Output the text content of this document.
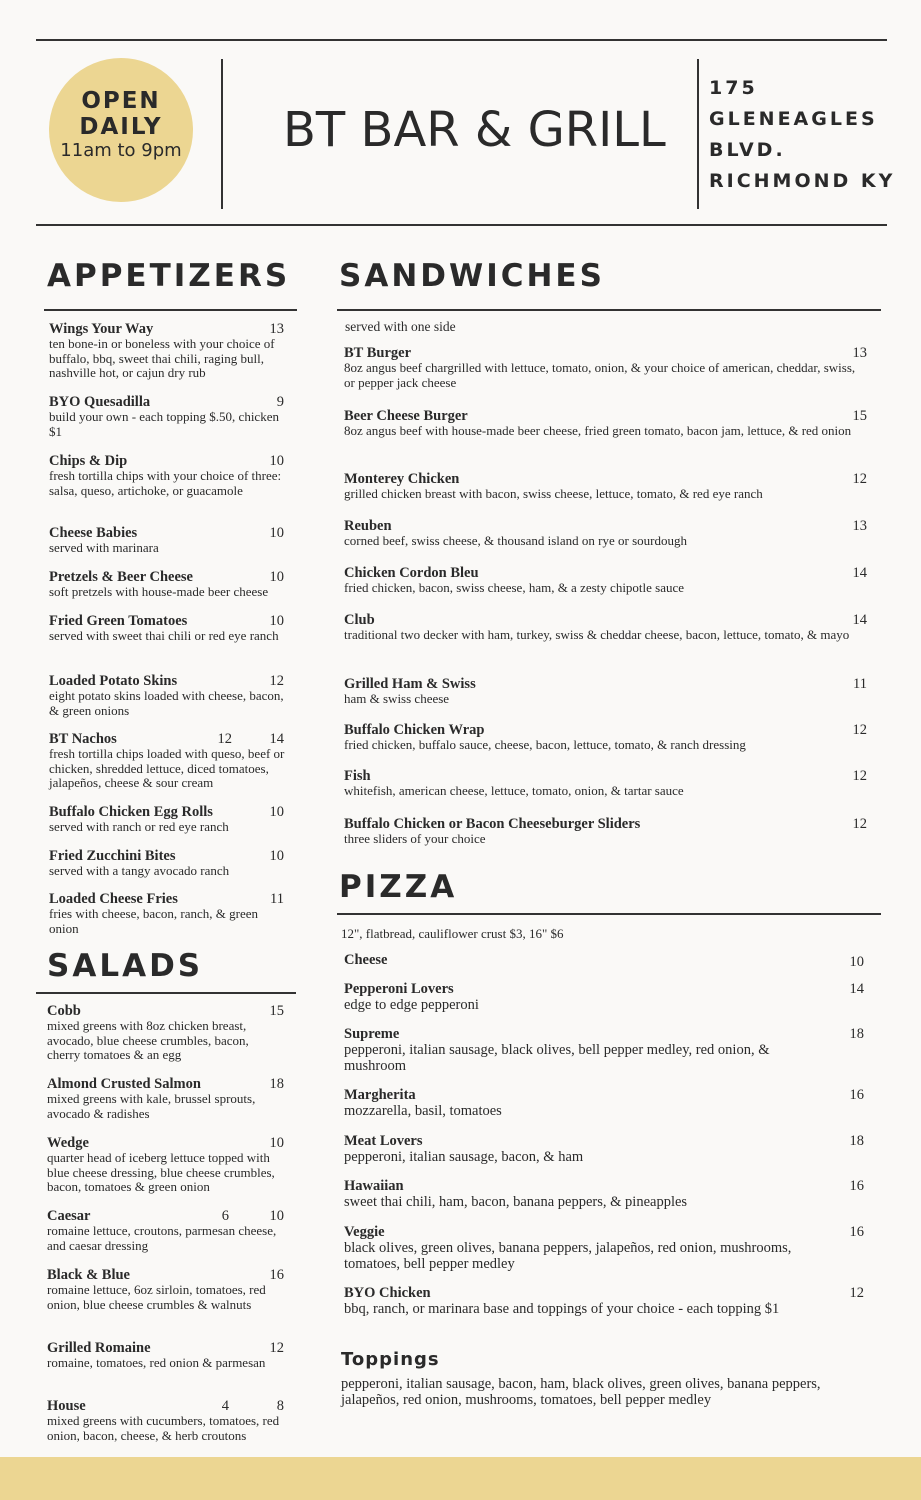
OPEN
DAILY
11am to 9pm BT BAR & GRILL
175
GLENEAGLES
BLVD.
RICHMOND KY
APPETIZERS
SALADS
SANDWICHES
served with one side
PIZZA
12", flatbread, cauliflower crust $3, 16" $6
Wings Your Way	13
ten bone-in or boneless with your choice of buffalo, bbq, sweet thai chili, raging bull, nashville hot, or cajun dry rub
BYO Quesadilla	9
build your own - each topping $.50, chicken $1
Chips & Dip	10
fresh tortilla chips with your choice of three: salsa, queso, artichoke, or guacamole
Cheese Babies	10
served with marinara
Pretzels & Beer Cheese	10
soft pretzels with house-made beer cheese
Fried Green Tomatoes	10
served with sweet thai chili or red eye ranch
Loaded Potato Skins	12
eight potato skins loaded with cheese, bacon, & green onions
BT Nachos	12	14
fresh tortilla chips loaded with queso, beef or chicken, shredded lettuce, diced tomatoes, jalapeños, cheese & sour cream
Buffalo Chicken Egg Rolls	10
served with ranch or red eye ranch
Fried Zucchini Bites	10
served with a tangy avocado ranch
Loaded Cheese Fries	11
fries with cheese, bacon, ranch, & green onion
Cobb	15
mixed greens with 8oz chicken breast, avocado, blue cheese crumbles, bacon, cherry tomatoes & an egg
Almond Crusted Salmon	18
mixed greens with kale, brussel sprouts, avocado & radishes
Wedge	10
quarter head of iceberg lettuce topped with blue cheese dressing, blue cheese crumbles, bacon, tomatoes & green onion
Caesar	6	10
romaine lettuce, croutons, parmesan cheese, and caesar dressing
Black & Blue	16
romaine lettuce, 6oz sirloin, tomatoes, red onion, blue cheese crumbles & walnuts
Grilled Romaine	12
romaine, tomatoes, red onion & parmesan
House	4	8
mixed greens with cucumbers, tomatoes, red onion, bacon, cheese, & herb croutons
BT Burger	13
8oz angus beef chargrilled with lettuce, tomato, onion, & your choice of american, cheddar, swiss, or pepper jack cheese
Beer Cheese Burger	15
8oz angus beef with house-made beer cheese, fried green tomato, bacon jam, lettuce, & red onion
Monterey Chicken	12
grilled chicken breast with bacon, swiss cheese, lettuce, tomato, & red eye ranch
Reuben	13
corned beef, swiss cheese, & thousand island on rye or sourdough
Chicken Cordon Bleu	14
fried chicken, bacon, swiss cheese, ham, & a zesty chipotle sauce
Club	14
traditional two decker with ham, turkey, swiss & cheddar cheese, bacon, lettuce, tomato, & mayo
Grilled Ham & Swiss	11
ham & swiss cheese
Buffalo Chicken Wrap	12
fried chicken, buffalo sauce, cheese, bacon, lettuce, tomato, & ranch dressing
Fish	12
whitefish, american cheese, lettuce, tomato, onion, & tartar sauce
Buffalo Chicken or Bacon Cheeseburger Sliders	12
three sliders of your choice
Cheese	10
Pepperoni Lovers	14
edge to edge pepperoni
Supreme	18
pepperoni, italian sausage, black olives, bell pepper medley, red onion, & mushroom
Margherita	16
mozzarella, basil, tomatoes
Meat Lovers	18
pepperoni, italian sausage, bacon, & ham
Hawaiian	16
sweet thai chili, ham, bacon, banana peppers, & pineapples
Veggie	16
black olives, green olives, banana peppers, jalapeños, red onion, mushrooms, tomatoes, bell pepper medley
BYO Chicken	12
bbq, ranch, or marinara base and toppings of your choice - each topping $1
Toppings
pepperoni, italian sausage, bacon, ham, black olives, green olives, banana peppers, jalapeños, red onion, mushrooms, tomatoes, bell pepper medley
